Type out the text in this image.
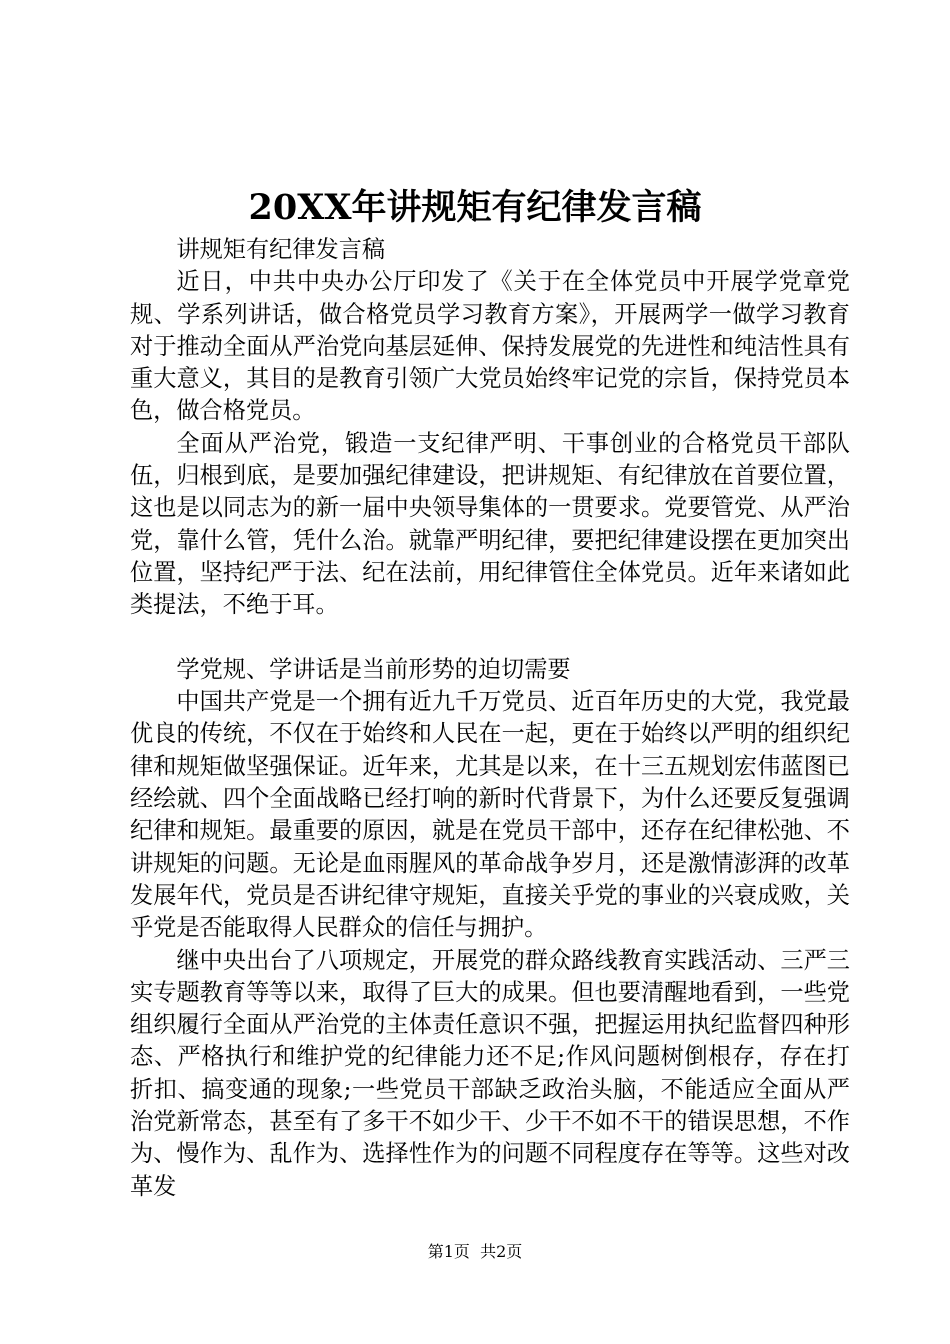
20XX年讲规矩有纪律发言稿

讲规矩有纪律发言稿

近日，中共中央办公厅印发了《关于在全体党员中开展学党章党规、学系列讲话，做合格党员学习教育方案》，开展两学一做学习教育对于推动全面从严治党向基层延伸、保持发展党的先进性和纯洁性具有重大意义，其目的是教育引领广大党员始终牢记党的宗旨，保持党员本色，做合格党员。

全面从严治党，锻造一支纪律严明、干事创业的合格党员干部队伍，归根到底，是要加强纪律建设，把讲规矩、有纪律放在首要位置，这也是以同志为的新一届中央领导集体的一贯要求。党要管党、从严治党，靠什么管，凭什么治。就靠严明纪律，要把纪律建设摆在更加突出位置，坚持纪严于法、纪在法前，用纪律管住全体党员。近年来诸如此类提法，不绝于耳。

学党规、学讲话是当前形势的迫切需要

中国共产党是一个拥有近九千万党员、近百年历史的大党，我党最优良的传统，不仅在于始终和人民在一起，更在于始终以严明的组织纪律和规矩做坚强保证。近年来，尤其是以来，在十三五规划宏伟蓝图已经绘就、四个全面战略已经打响的新时代背景下，为什么还要反复强调纪律和规矩。最重要的原因，就是在党员干部中，还存在纪律松弛、不讲规矩的问题。无论是血雨腥风的革命战争岁月，还是激情澎湃的改革发展年代，党员是否讲纪律守规矩，直接关乎党的事业的兴衰成败，关乎党是否能取得人民群众的信任与拥护。

继中央出台了八项规定，开展党的群众路线教育实践活动、三严三实专题教育等等以来，取得了巨大的成果。但也要清醒地看到，一些党组织履行全面从严治党的主体责任意识不强，把握运用执纪监督四种形态、严格执行和维护党的纪律能力还不足;作风问题树倒根存，存在打折扣、搞变通的现象;一些党员干部缺乏政治头脑，不能适应全面从严治党新常态，甚至有了多干不如少干、少干不如不干的错误思想，不作为、慢作为、乱作为、选择性作为的问题不同程度存在等等。这些对改革发

第1页  共2页
